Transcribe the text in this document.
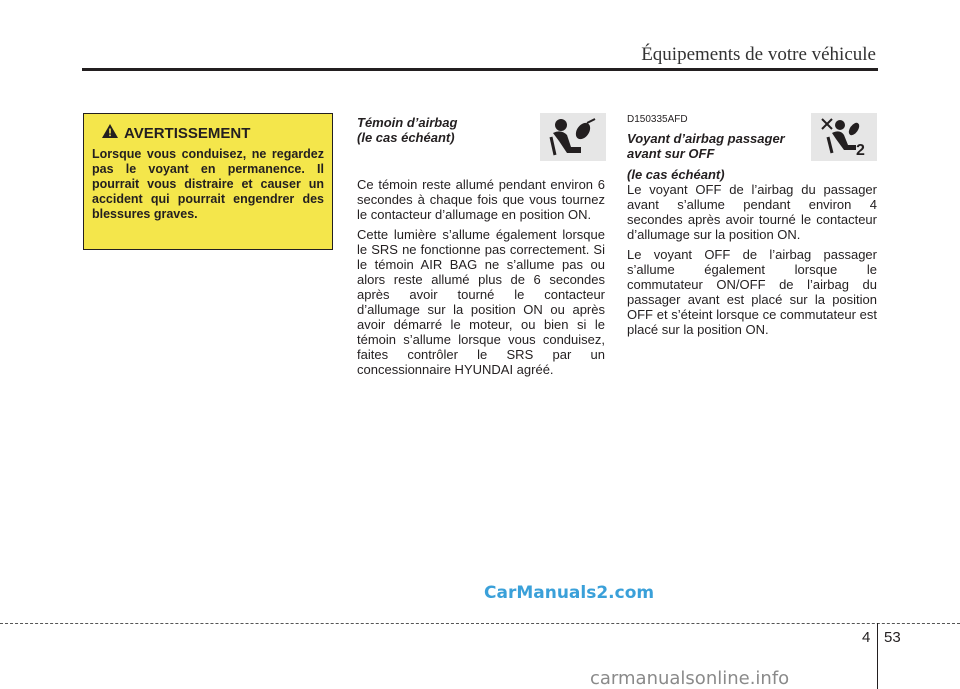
Équipements de votre véhicule
AVERTISSEMENT
Lorsque vous conduisez, ne regardez pas le voyant en permanence. Il pourrait vous distraire et causer un accident qui pourrait engendrer des blessures graves.
Témoin d’airbag
(le cas échéant)

Ce témoin reste allumé pendant environ 6 secondes à chaque fois que vous tournez le contacteur d’allumage en position ON.

Cette lumière s’allume également lorsque le SRS ne fonctionne pas correctement. Si le témoin AIR BAG ne s’allume pas ou alors reste allumé plus de 6 secondes après avoir tourné le contacteur d’allumage sur la position ON ou après avoir démarré le moteur, ou bien si le témoin s’allume lorsque vous conduisez, faites contrôler le SRS par un concessionnaire HYUNDAI agréé.

D150335AFD
Voyant d’airbag passager
avant sur OFF
(le cas échéant)

Le voyant OFF de l’airbag du passager avant s’allume pendant environ 4 secondes après avoir tourné le contacteur d’allumage sur la position ON.

Le voyant OFF de l’airbag passager s’allume également lorsque le commutateur ON/OFF de l’airbag du passager avant est placé sur la position OFF et s’éteint lorsque ce commutateur est placé sur la position ON.

2
CarManuals2.com
4 53
carmanualsonline.info
